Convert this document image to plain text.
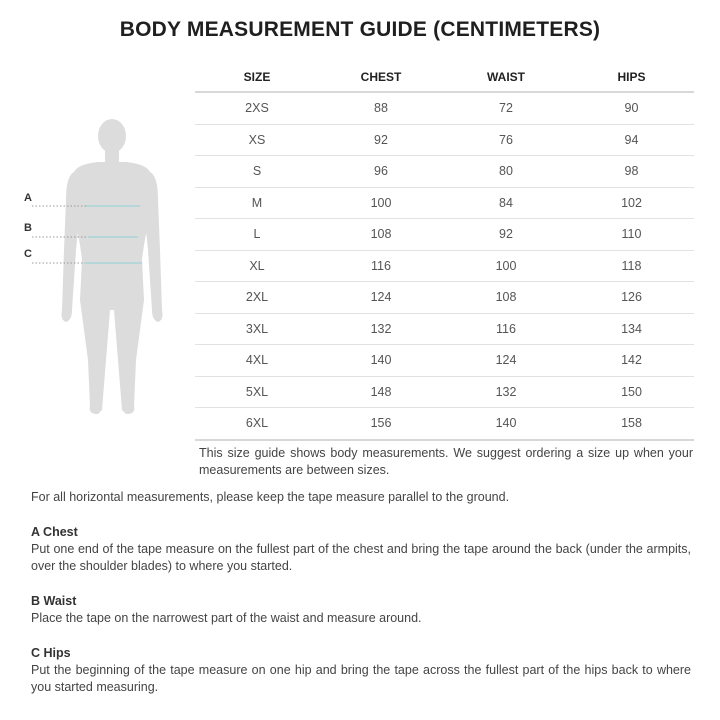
BODY MEASUREMENT GUIDE (CENTIMETERS)
A
B
C
SIZE	CHEST	WAIST	HIPS
2XS	88	72	90
XS	92	76	94
S	96	80	98
M	100	84	102
L	108	92	110
XL	116	100	118
2XL	124	108	126
3XL	132	116	134
4XL	140	124	142
5XL	148	132	150
6XL	156	140	158
This size guide shows body measurements. We suggest ordering a size up when your measurements are between sizes.

For all horizontal measurements, please keep the tape measure parallel to the ground.

A Chest

Put one end of the tape measure on the fullest part of the chest and bring the tape around the back (under the armpits, over the shoulder blades) to where you started.

B Waist

Place the tape on the narrowest part of the waist and measure around.

C Hips

Put the beginning of the tape measure on one hip and bring the tape across the fullest part of the hips back to where you started measuring.
